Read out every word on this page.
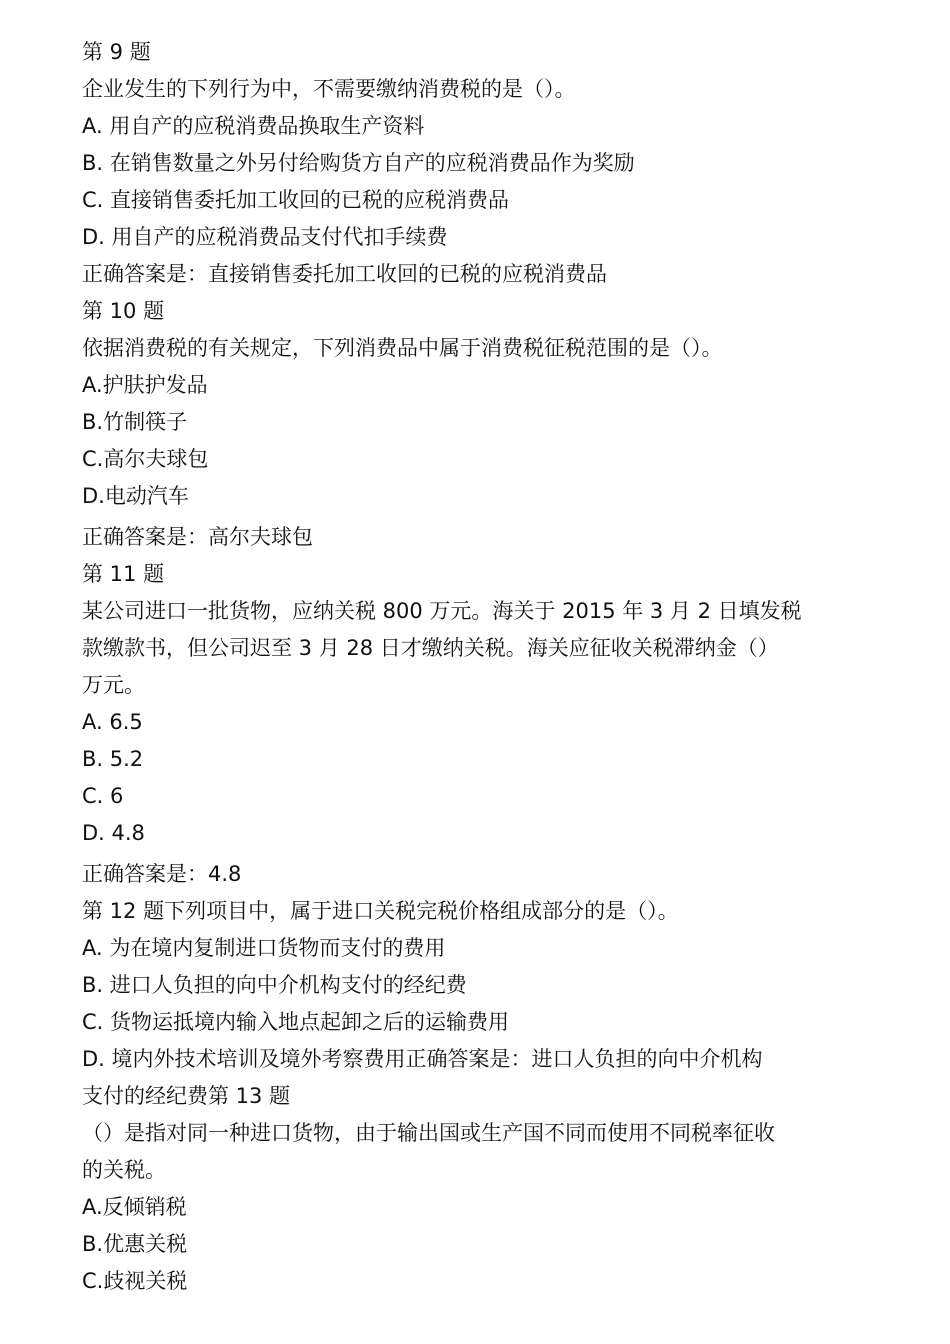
第 9 题
企业发生的下列行为中，不需要缴纳消费税的是（）。
A. 用自产的应税消费品换取生产资料
B. 在销售数量之外另付给购货方自产的应税消费品作为奖励
C. 直接销售委托加工收回的已税的应税消费品
D. 用自产的应税消费品支付代扣手续费
正确答案是：直接销售委托加工收回的已税的应税消费品
第 10 题
依据消费税的有关规定，下列消费品中属于消费税征税范围的是（）。
A.护肤护发品
B.竹制筷子
C.高尔夫球包
D.电动汽车
正确答案是：高尔夫球包
第 11 题
某公司进口一批货物，应纳关税 800 万元。海关于 2015 年 3 月 2 日填发税
款缴款书，但公司迟至 3 月 28 日才缴纳关税。海关应征收关税滞纳金（）
万元。
A. 6.5
B. 5.2
C. 6
D. 4.8
正确答案是：4.8
第 12 题下列项目中，属于进口关税完税价格组成部分的是（）。
A. 为在境内复制进口货物而支付的费用
B. 进口人负担的向中介机构支付的经纪费
C. 货物运抵境内输入地点起卸之后的运输费用
D. 境内外技术培训及境外考察费用正确答案是：进口人负担的向中介机构
支付的经纪费第 13 题
（）是指对同一种进口货物，由于输出国或生产国不同而使用不同税率征收
的关税。
A.反倾销税
B.优惠关税
C.歧视关税
